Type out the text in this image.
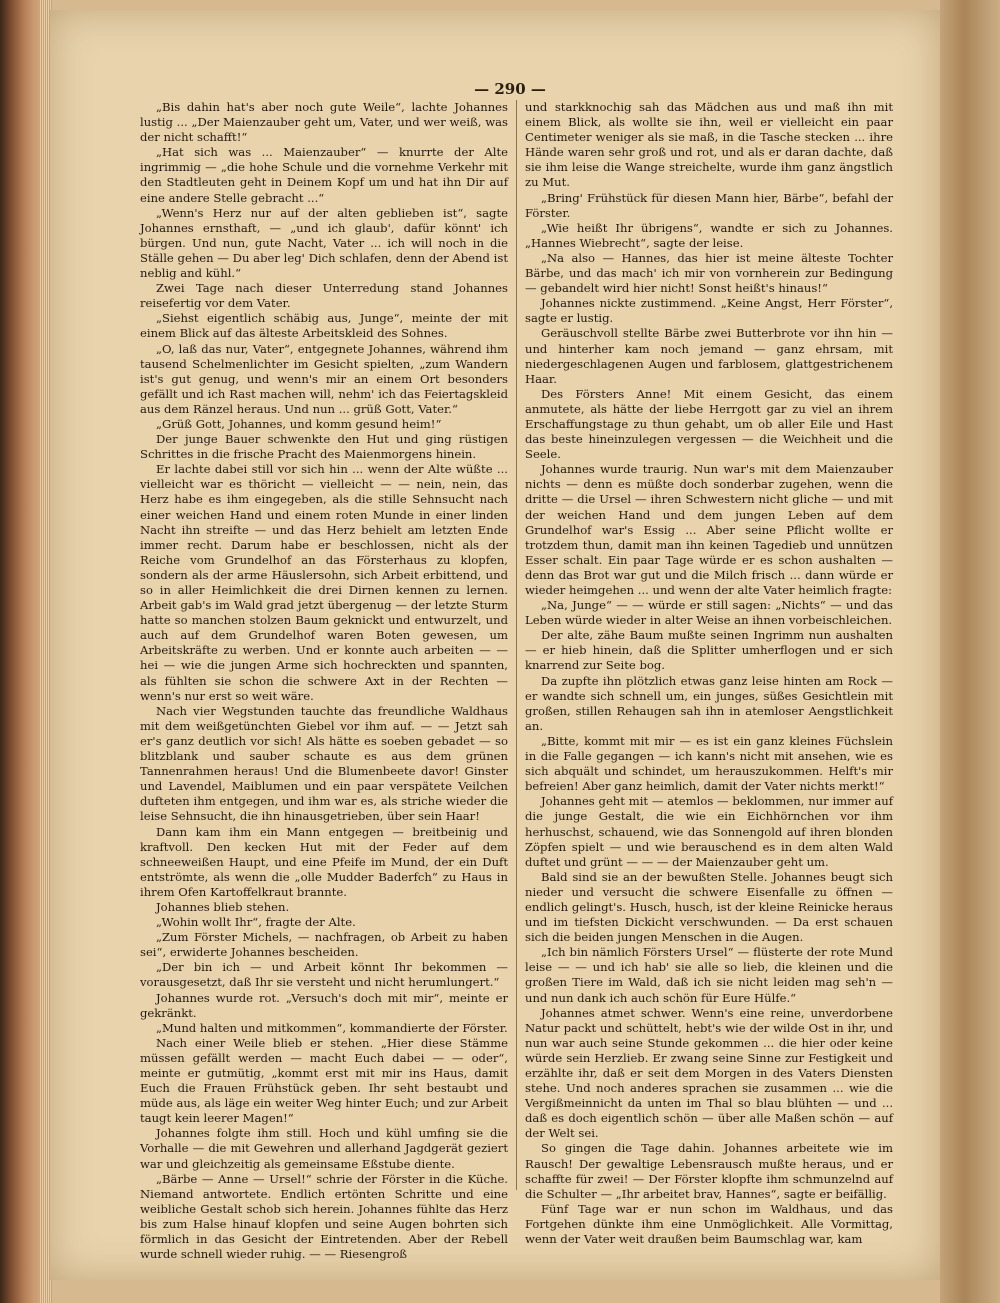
— 290 —

„Bis dahin hat's aber noch gute Weile“, lachte Johannes lustig ... „Der Maienzauber geht um, Vater, und wer weiß, was der nicht schafft!“

„Hat sich was ... Maienzauber“ — knurrte der Alte ingrimmig — „die hohe Schule und die vornehme Verkehr mit den Stadtleuten geht in Deinem Kopf um und hat ihn Dir auf eine andere Stelle gebracht ...“

„Wenn's Herz nur auf der alten geblieben ist“, sagte Johannes ernsthaft, — „und ich glaub', dafür könnt' ich bürgen. Und nun, gute Nacht, Vater ... ich will noch in die Ställe gehen — Du aber leg' Dich schlafen, denn der Abend ist neblig and kühl.“

Zwei Tage nach dieser Unterredung stand Johannes reisefertig vor dem Vater.

„Siehst eigentlich schäbig aus, Junge“, meinte der mit einem Blick auf das älteste Arbeitskleid des Sohnes.

„O, laß das nur, Vater“, entgegnete Johannes, während ihm tausend Schelmenlichter im Gesicht spielten, „zum Wandern ist's gut genug, und wenn's mir an einem Ort besonders gefällt und ich Rast machen will, nehm' ich das Feiertagskleid aus dem Ränzel heraus. Und nun ... grüß Gott, Vater.“

„Grüß Gott, Johannes, und komm gesund heim!“

Der junge Bauer schwenkte den Hut und ging rüstigen Schrittes in die frische Pracht des Maienmorgens hinein.

Er lachte dabei still vor sich hin ... wenn der Alte wüßte ... vielleicht war es thöricht — vielleicht — — nein, nein, das Herz habe es ihm eingegeben, als die stille Sehnsucht nach einer weichen Hand und einem roten Munde in einer linden Nacht ihn streifte — und das Herz behielt am letzten Ende immer recht. Darum habe er beschlossen, nicht als der Reiche vom Grundelhof an das Försterhaus zu klopfen, sondern als der arme Häuslersohn, sich Arbeit erbittend, und so in aller Heimlichkeit die drei Dirnen kennen zu lernen. Arbeit gab's im Wald grad jetzt übergenug — der letzte Sturm hatte so manchen stolzen Baum geknickt und entwurzelt, und auch auf dem Grundelhof waren Boten gewesen, um Arbeitskräfte zu werben. Und er konnte auch arbeiten — — hei — wie die jungen Arme sich hochreckten und spannten, als fühlten sie schon die schwere Axt in der Rechten — wenn's nur erst so weit wäre.

Nach vier Wegstunden tauchte das freundliche Waldhaus mit dem weißgetünchten Giebel vor ihm auf. — — Jetzt sah er's ganz deutlich vor sich! Als hätte es soeben gebadet — so blitzblank und sauber schaute es aus dem grünen Tannenrahmen heraus! Und die Blumenbeete davor! Ginster und Lavendel, Maiblumen und ein paar verspätete Veilchen dufteten ihm entgegen, und ihm war es, als striche wieder die leise Sehnsucht, die ihn hinausgetrieben, über sein Haar!

Dann kam ihm ein Mann entgegen — breitbeinig und kraftvoll. Den kecken Hut mit der Feder auf dem schneeweißen Haupt, und eine Pfeife im Mund, der ein Duft entströmte, als wenn die „olle Mudder Baderfch“ zu Haus in ihrem Ofen Kartoffelkraut brannte.

Johannes blieb stehen.

„Wohin wollt Ihr“, fragte der Alte.

„Zum Förster Michels, — nachfragen, ob Arbeit zu haben sei“, erwiderte Johannes bescheiden.

„Der bin ich — und Arbeit könnt Ihr bekommen — vorausgesetzt, daß Ihr sie versteht und nicht herumlungert.“

Johannes wurde rot. „Versuch's doch mit mir“, meinte er gekränkt.

„Mund halten und mitkommen“, kommandierte der Förster.

Nach einer Weile blieb er stehen. „Hier diese Stämme müssen gefällt werden — macht Euch dabei — — oder“, meinte er gutmütig, „kommt erst mit mir ins Haus, damit Euch die Frauen Frühstück geben. Ihr seht bestaubt und müde aus, als läge ein weiter Weg hinter Euch; und zur Arbeit taugt kein leerer Magen!“

Johannes folgte ihm still. Hoch und kühl umfing sie die Vorhalle — die mit Gewehren und allerhand Jagdgerät geziert war und gleichzeitig als gemeinsame Eßstube diente.

„Bärbe — Anne — Ursel!“ schrie der Förster in die Küche. Niemand antwortete. Endlich ertönten Schritte und eine weibliche Gestalt schob sich herein. Johannes fühlte das Herz bis zum Halse hinauf klopfen und seine Augen bohrten sich förmlich in das Gesicht der Eintretenden. Aber der Rebell wurde schnell wieder ruhig. — — Riesengroß

und starkknochig sah das Mädchen aus und maß ihn mit einem Blick, als wollte sie ihn, weil er vielleicht ein paar Centimeter weniger als sie maß, in die Tasche stecken ... ihre Hände waren sehr groß und rot, und als er daran dachte, daß sie ihm leise die Wange streichelte, wurde ihm ganz ängstlich zu Mut.

„Bring' Frühstück für diesen Mann hier, Bärbe“, befahl der Förster.

„Wie heißt Ihr übrigens“, wandte er sich zu Johannes. „Hannes Wiebrecht“, sagte der leise.

„Na also — Hannes, das hier ist meine älteste Tochter Bärbe, und das mach' ich mir von vornherein zur Bedingung — gebandelt wird hier nicht! Sonst heißt's hinaus!“

Johannes nickte zustimmend. „Keine Angst, Herr Förster“, sagte er lustig.

Geräuschvoll stellte Bärbe zwei Butterbrote vor ihn hin — und hinterher kam noch jemand — ganz ehrsam, mit niedergeschlagenen Augen und farblosem, glattgestrichenem Haar.

Des Försters Anne! Mit einem Gesicht, das einem anmutete, als hätte der liebe Herrgott gar zu viel an ihrem Erschaffungstage zu thun gehabt, um ob aller Eile und Hast das beste hineinzulegen vergessen — die Weichheit und die Seele.

Johannes wurde traurig. Nun war's mit dem Maienzauber nichts — denn es müßte doch sonderbar zugehen, wenn die dritte — die Ursel — ihren Schwestern nicht gliche — und mit der weichen Hand und dem jungen Leben auf dem Grundelhof war's Essig ... Aber seine Pflicht wollte er trotzdem thun, damit man ihn keinen Tagedieb und unnützen Esser schalt. Ein paar Tage würde er es schon aushalten — denn das Brot war gut und die Milch frisch ... dann würde er wieder heimgehen ... und wenn der alte Vater heimlich fragte:

„Na, Junge“ — — würde er still sagen: „Nichts“ — und das Leben würde wieder in alter Weise an ihnen vorbeischleichen.

Der alte, zähe Baum mußte seinen Ingrimm nun aushalten — er hieb hinein, daß die Splitter umherflogen und er sich knarrend zur Seite bog.

Da zupfte ihn plötzlich etwas ganz leise hinten am Rock — er wandte sich schnell um, ein junges, süßes Gesichtlein mit großen, stillen Rehaugen sah ihn in atemloser Aengstlichkeit an.

„Bitte, kommt mit mir — es ist ein ganz kleines Füchslein in die Falle gegangen — ich kann's nicht mit ansehen, wie es sich abquält und schindet, um herauszukommen. Helft's mir befreien! Aber ganz heimlich, damit der Vater nichts merkt!“

Johannes geht mit — atemlos — beklommen, nur immer auf die junge Gestalt, die wie ein Eichhörnchen vor ihm herhuschst, schauend, wie das Sonnengold auf ihren blonden Zöpfen spielt — und wie berauschend es in dem alten Wald duftet und grünt — — — der Maienzauber geht um.

Bald sind sie an der bewußten Stelle. Johannes beugt sich nieder und versucht die schwere Eisenfalle zu öffnen — endlich gelingt's. Husch, husch, ist der kleine Reinicke heraus und im tiefsten Dickicht verschwunden. — Da erst schauen sich die beiden jungen Menschen in die Augen.

„Ich bin nämlich Försters Ursel“ — flüsterte der rote Mund leise — — und ich hab' sie alle so lieb, die kleinen und die großen Tiere im Wald, daß ich sie nicht leiden mag seh'n — und nun dank ich auch schön für Eure Hülfe.“

Johannes atmet schwer. Wenn's eine reine, unverdorbene Natur packt und schüttelt, hebt's wie der wilde Ost in ihr, und nun war auch seine Stunde gekommen ... die hier oder keine würde sein Herzlieb. Er zwang seine Sinne zur Festigkeit und erzählte ihr, daß er seit dem Morgen in des Vaters Diensten stehe. Und noch anderes sprachen sie zusammen ... wie die Vergißmeinnicht da unten im Thal so blau blühten — und ... daß es doch eigentlich schön — über alle Maßen schön — auf der Welt sei.

So gingen die Tage dahin. Johannes arbeitete wie im Rausch! Der gewaltige Lebensrausch mußte heraus, und er schaffte für zwei! — Der Förster klopfte ihm schmunzelnd auf die Schulter — „Ihr arbeitet brav, Hannes“, sagte er beifällig.

Fünf Tage war er nun schon im Waldhaus, und das Fortgehen dünkte ihm eine Unmöglichkeit. Alle Vormittag, wenn der Vater weit draußen beim Baumschlag war, kam
